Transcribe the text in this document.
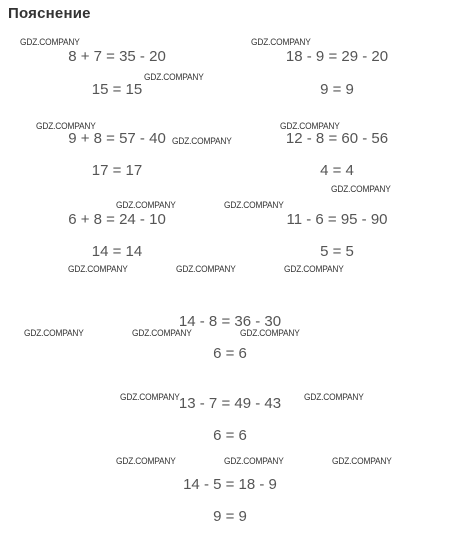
Пояснение
8 + 7 = 35 - 20
15 = 15
18 - 9 = 29 - 20
9 = 9
9 + 8 = 57 - 40
17 = 17
12 - 8 = 60 - 56
4 = 4
6 + 8 = 24 - 10
14 = 14
11 - 6 = 95 - 90
5 = 5
14 - 8 = 36 - 30
6 = 6
13 - 7 = 49 - 43
6 = 6
14 - 5 = 18 - 9
9 = 9
GDZ.COMPANY	GDZ.COMPANY
GDZ.COMPANY
GDZ.COMPANY	GDZ.COMPANY
GDZ.COMPANY
GDZ.COMPANY
GDZ.COMPANY	GDZ.COMPANY
GDZ.COMPANY	GDZ.COMPANY	GDZ.COMPANY
GDZ.COMPANY	GDZ.COMPANY	GDZ.COMPANY
GDZ.COMPANY	GDZ.COMPANY
GDZ.COMPANY	GDZ.COMPANY	GDZ.COMPANY
